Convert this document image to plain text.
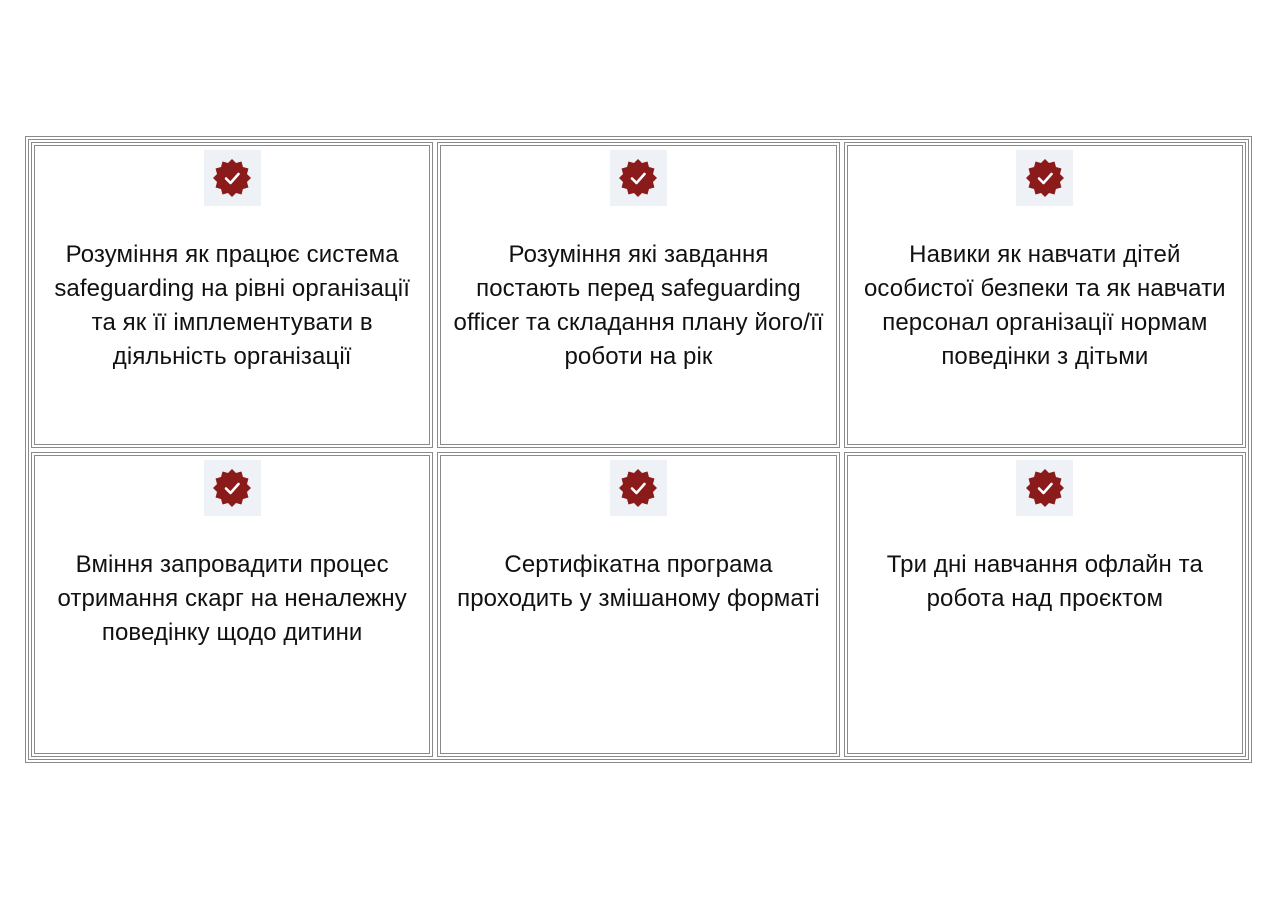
Розуміння як працює система safeguarding на рівні організації та як її імплементувати в діяльність організації

Розуміння які завдання постають перед safeguarding officer та складання плану його/її роботи на рік

Навики як навчати дітей особистої безпеки та як навчати персонал організації нормам поведінки з дітьми

Вміння запровадити процес отримання скарг на неналежну поведінку щодо дитини

Сертифікатна програма проходить у змішаному форматі

Три дні навчання офлайн та робота над проєктом
